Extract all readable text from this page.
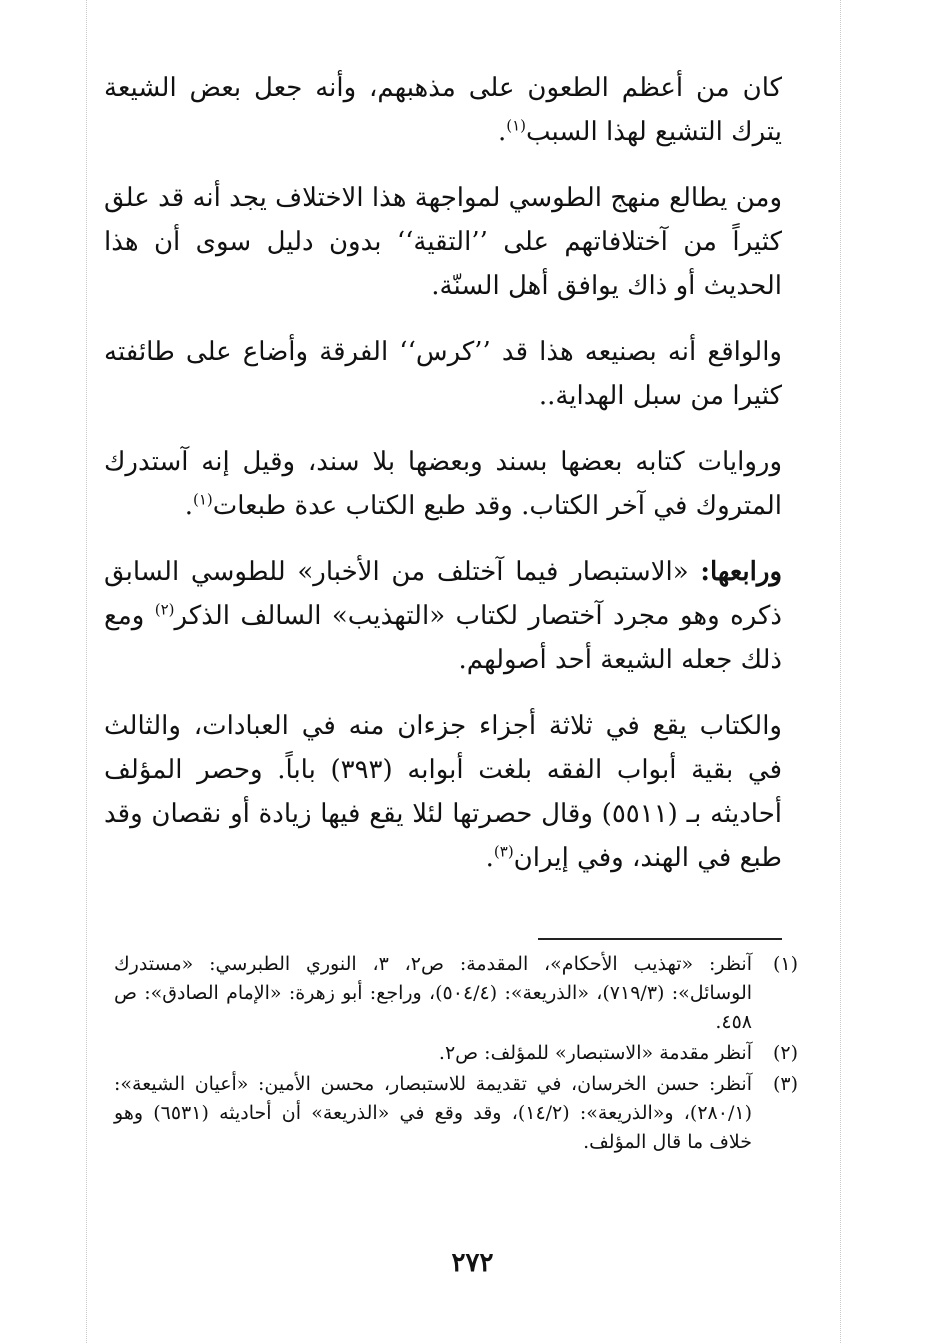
كان من أعظم الطعون على مذهبهم، وأنه جعل بعض الشيعة يترك التشيع لهذا السبب$^{(١)}$.

ومن يطالع منهج الطوسي لمواجهة هذا الاختلاف يجد أنه قد علق كثيراً من آختلافاتهم على ’’التقية‘‘ بدون دليل سوى أن هذا الحديث أو ذاك يوافق أهل السنّة.

والواقع أنه بصنيعه هذا قد ’’كرس‘‘ الفرقة وأضاع على طائفته كثيرا من سبل الهداية..

وروايات كتابه بعضها بسند وبعضها بلا سند، وقيل إنه آستدرك المتروك في آخر الكتاب. وقد طبع الكتاب عدة طبعات$^{(١)}$.

ورابعها: «الاستبصار فيما آختلف من الأخبار» للطوسي السابق ذكره وهو مجرد آختصار لكتاب «التهذيب» السالف الذكر$^{(٢)}$ ومع ذلك جعله الشيعة أحد أصولهم.

والكتاب يقع في ثلاثة أجزاء جزءان منه في العبادات، والثالث في بقية أبواب الفقه بلغت أبوابه (٣٩٣) باباً. وحصر المؤلف أحاديثه بـ (٥٥١١) وقال حصرتها لئلا يقع فيها زيادة أو نقصان وقد طبع في الهند، وفي إيران$^{(٣)}$.

(١)
آنظر: «تهذيب الأحكام»، المقدمة: ص٢، ٣، النوري الطبرسي: «مستدرك الوسائل»: (٧١٩/٣)، «الذريعة»: (٥٠٤/٤)، وراجع: أبو زهرة: «الإمام الصادق»: ص ٤٥٨.
(٢)
آنظر مقدمة «الاستبصار» للمؤلف: ص٢.
(٣)
آنظر: حسن الخرسان، في تقديمة للاستبصار، محسن الأمين: «أعيان الشيعة»: (٢٨٠/١)، و«الذريعة»: (١٤/٢)، وقد وقع في «الذريعة» أن أحاديثه (٦٥٣١) وهو خلاف ما قال المؤلف.
٢٧٢
